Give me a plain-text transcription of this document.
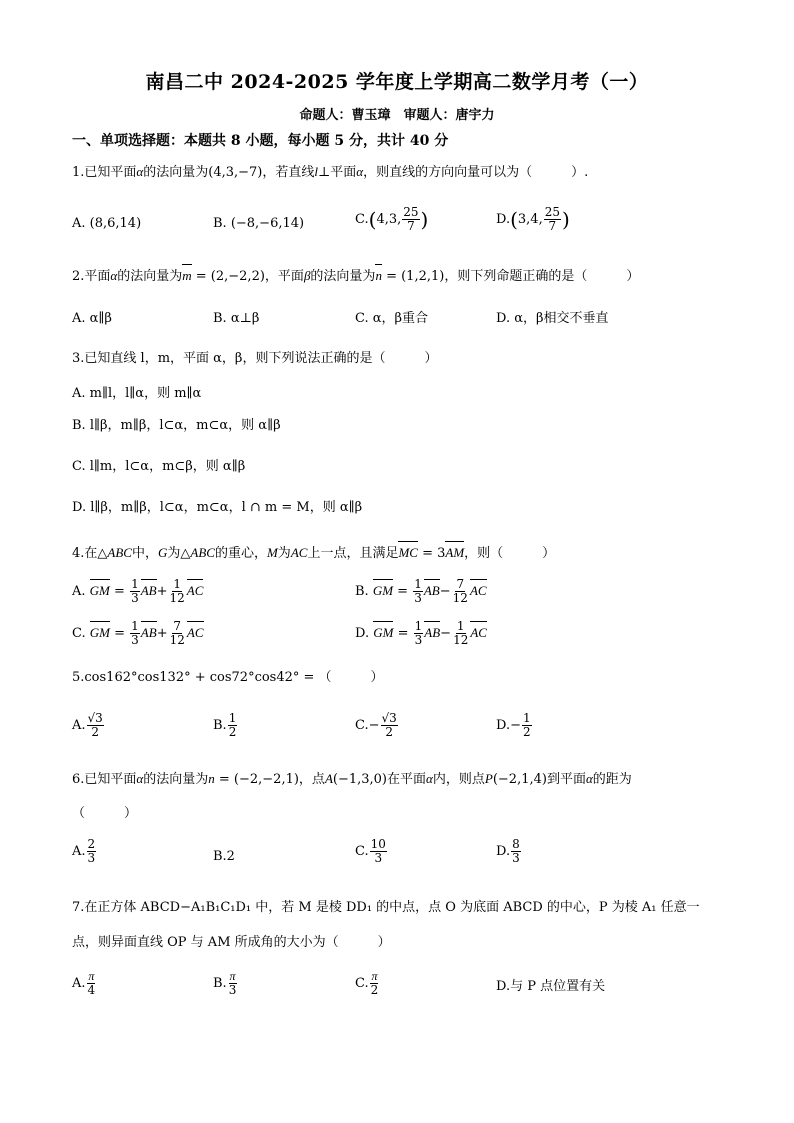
南昌二中 2024-2025 学年度上学期高二数学月考（一）
命题人：曹玉璋　审题人：唐宇力
一、单项选择题：本题共 8 小题，每小题 5 分，共计 40 分
1.已知平面α的法向量为(4,3,−7)，若直线l⊥平面α，则直线的方向向量可以为（　　　）.
A. (8,6,14)	B. (−8,−6,14)	C.(4,3, $\frac{25}{7}$ )	D.(3,4, $\frac{25}{7}$ )
2.平面α的法向量为m = (2,−2,2)，平面β的法向量为n = (1,2,1)，则下列命题正确的是（　　　）
A. α∥β	B. α⊥β	C. α，β重合	D. α，β相交不垂直
3.已知直线 l，m，平面 α，β，则下列说法正确的是（　　　）
A. m∥l，l∥α，则 m∥α
B. l∥β，m∥β，l⊂α，m⊂α，则 α∥β
C. l∥m，l⊂α，m⊂β，则 α∥β
D. l∥β，m∥β，l⊂α，m⊂α，l ∩ m = M，则 α∥β
4.在△ABC中，G为△ABC的重心，M为AC上一点，且满足MC = 3AM，则（　　　）
A. GM = $\frac{1}{3} AB+ \frac{1}{12}$ AC	B. GM = $\frac{1}{3} AB- \frac{7}{12}$ AC
C. GM = $\frac{1}{3} AB+ \frac{7}{12}$ AC	D. GM = $\frac{1}{3} AB- \frac{1}{12}$ AC
5.cos162°cos132° + cos72°cos42° = （　　　）
A. $\frac{√3}{2}$	B. $\frac{1}{2}$	$C.- \frac{√3}{2}$	$D.- \frac{1}{2}$
6.已知平面α的法向量为n = (−2,−2,1)，点A(−1,3,0)在平面α内，则点P(−2,1,4)到平面α的距为
（　　　）
A. $\frac{2}{3}$	B.2	C. $\frac{10}{3}$	D. $\frac{8}{3}$
7.在正方体 ABCD−A₁B₁C₁D₁ 中，若 M 是棱 DD₁ 的中点，点 O 为底面 ABCD 的中心，P 为棱 A₁ 任意一
点，则异面直线 OP 与 AM 所成角的大小为（　　　）
A. $\frac{\pi}{4}$	B. $\frac{\pi}{3}$	C. $\frac{\pi}{2}$	D.与 P 点位置有关
